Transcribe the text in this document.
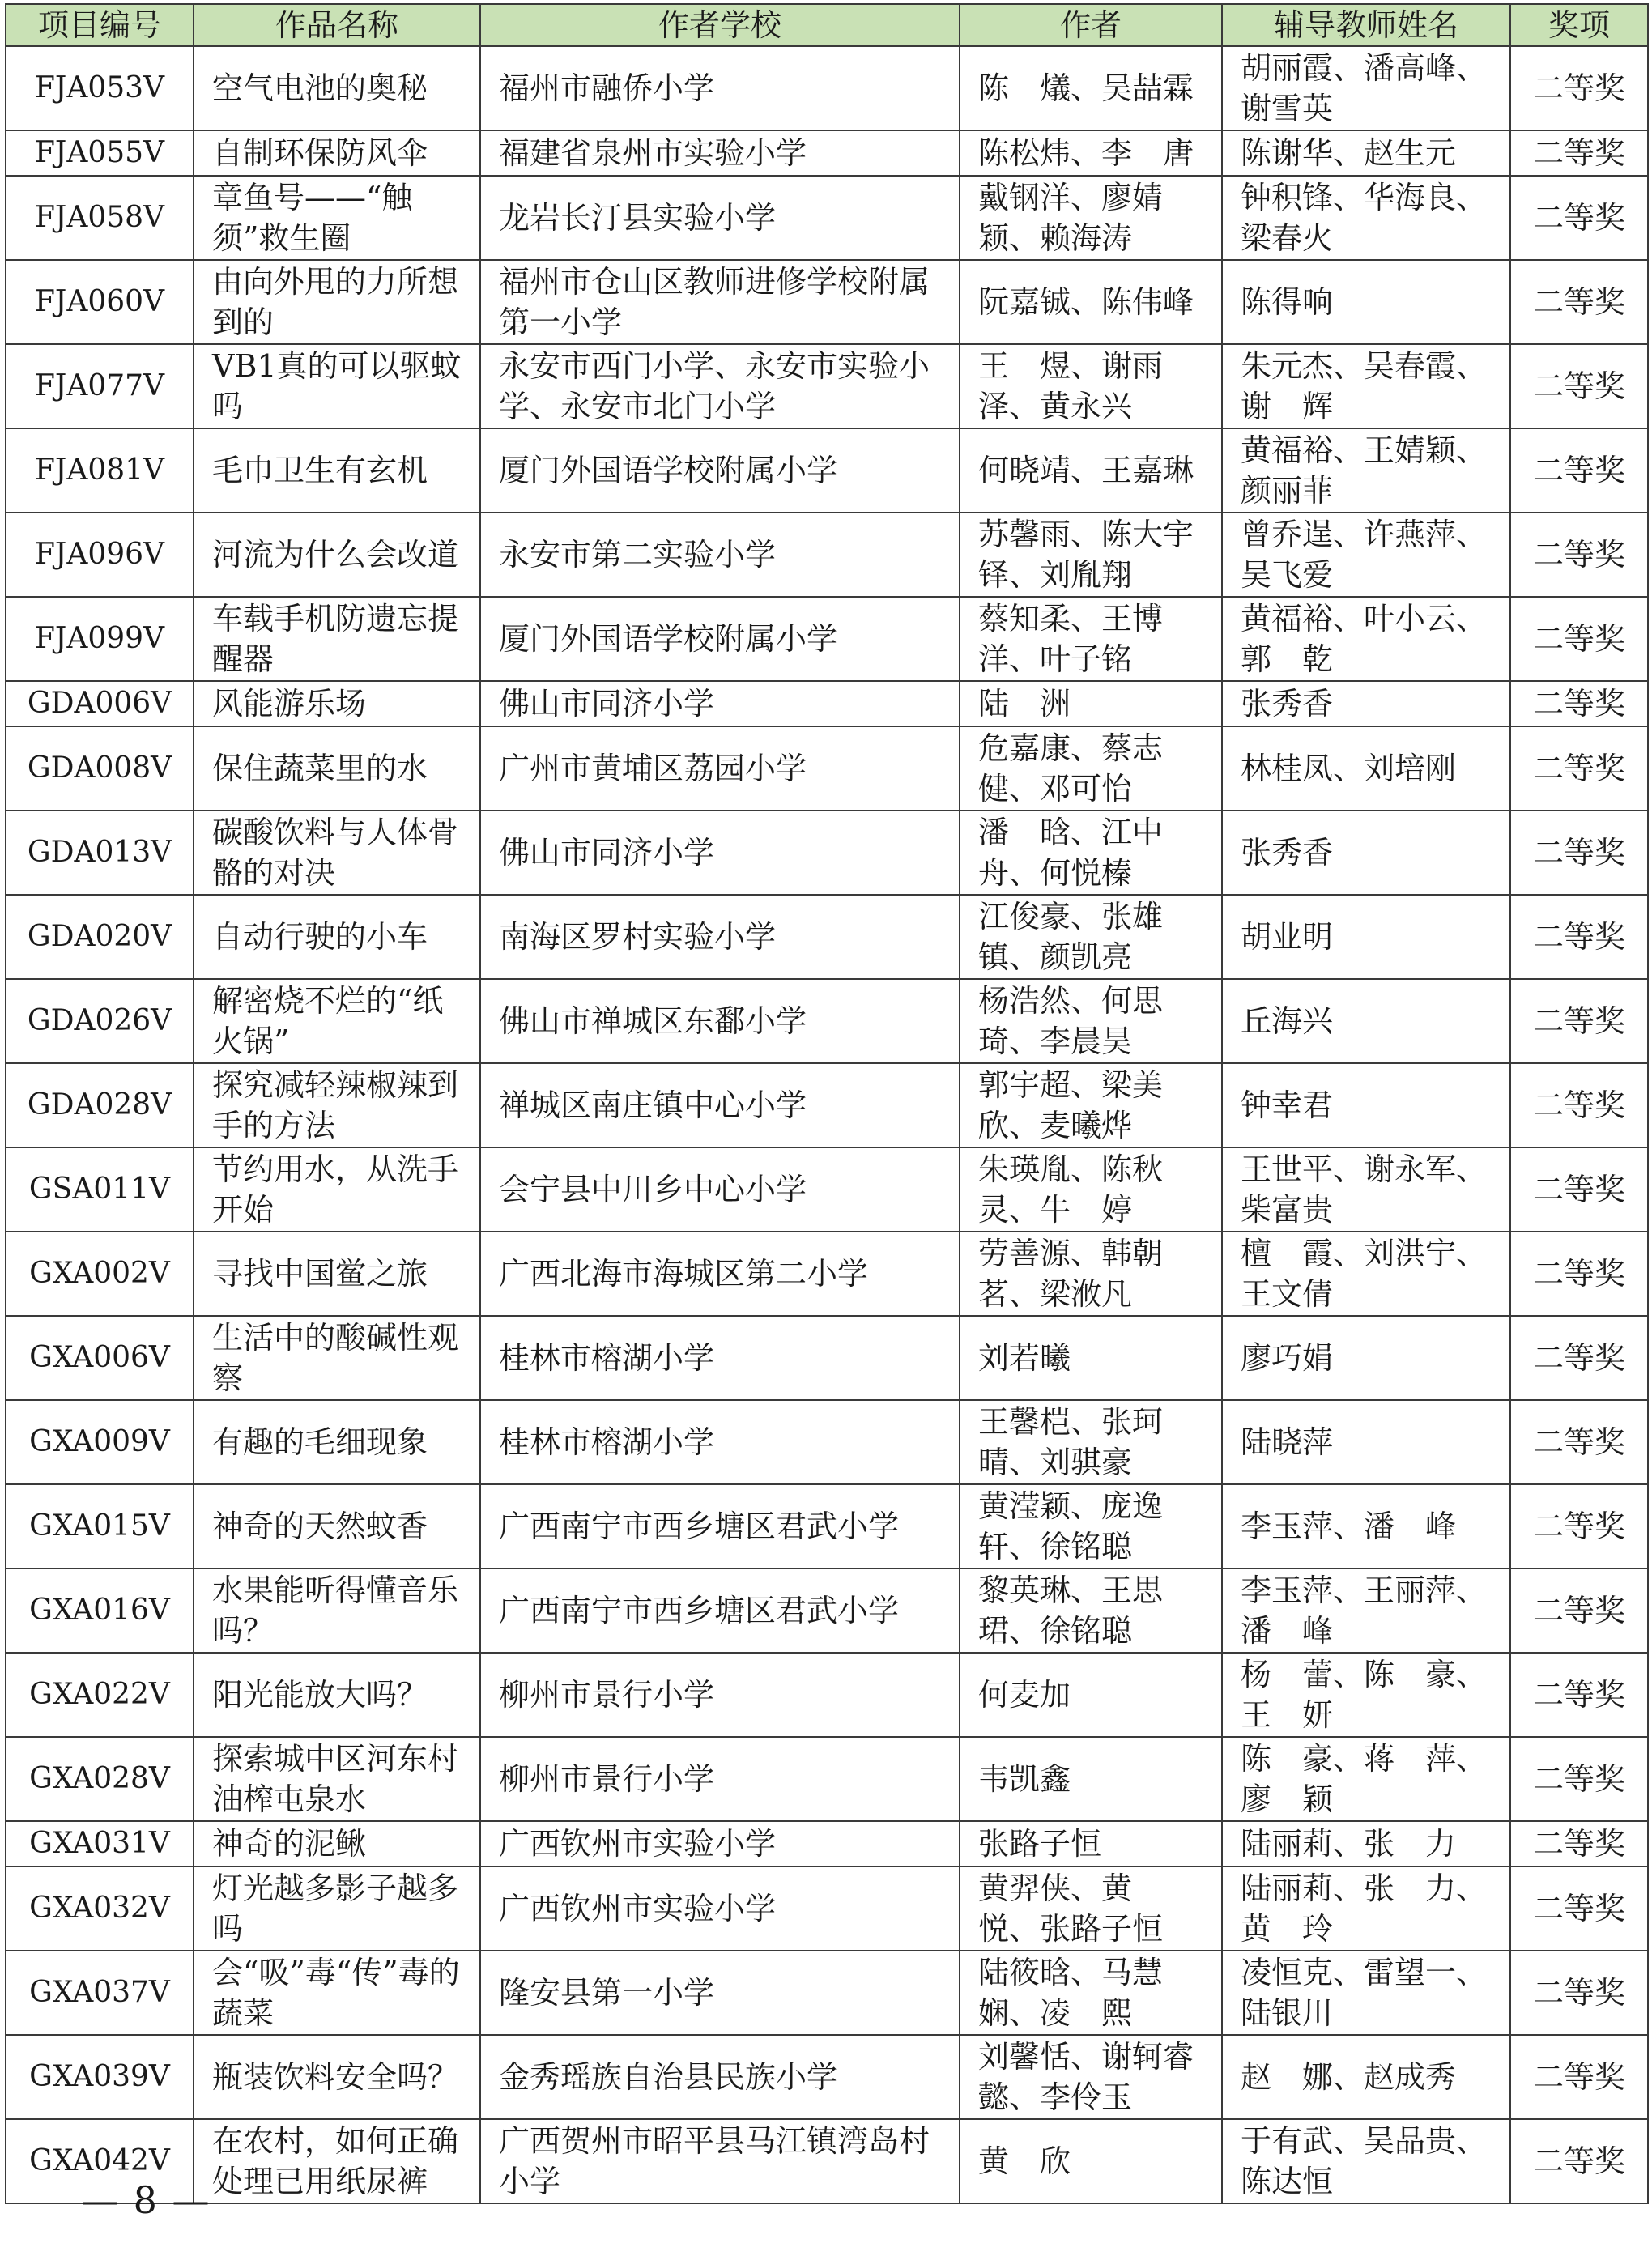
项目编号	作品名称	作者学校	作者	辅导教师姓名	奖项
FJA053V	空气电池的奥秘	福州市融侨小学	陈　燨、吴喆霖	胡丽霞、潘高峰、谢雪英	二等奖
FJA055V	自制环保防风伞	福建省泉州市实验小学	陈松炜、李　唐	陈谢华、赵生元	二等奖
FJA058V	章鱼号——“触须”救生圈	龙岩长汀县实验小学	戴钢洋、廖婧颖、赖海涛	钟积锋、华海良、梁春火	二等奖
FJA060V	由向外甩的力所想到的	福州市仓山区教师进修学校附属第一小学	阮嘉铖、陈伟峰	陈得响	二等奖
FJA077V	VB1真的可以驱蚊吗	永安市西门小学、永安市实验小学、永安市北门小学	王　煜、谢雨泽、黄永兴	朱元杰、吴春霞、谢　辉	二等奖
FJA081V	毛巾卫生有玄机	厦门外国语学校附属小学	何晓靖、王嘉琳	黄福裕、王婧颖、颜丽菲	二等奖
FJA096V	河流为什么会改道	永安市第二实验小学	苏馨雨、陈大宇铎、刘胤翔	曾乔逞、许燕萍、吴飞爱	二等奖
FJA099V	车载手机防遗忘提醒器	厦门外国语学校附属小学	蔡知柔、王博洋、叶子铭	黄福裕、叶小云、郭　乾	二等奖
GDA006V	风能游乐场	佛山市同济小学	陆　洲	张秀香	二等奖
GDA008V	保住蔬菜里的水	广州市黄埔区荔园小学	危嘉康、蔡志健、邓可怡	林桂凤、刘培刚	二等奖
GDA013V	碳酸饮料与人体骨骼的对决	佛山市同济小学	潘　晗、江中舟、何悦榛	张秀香	二等奖
GDA020V	自动行驶的小车	南海区罗村实验小学	江俊豪、张雄镇、颜凯亮	胡业明	二等奖
GDA026V	解密烧不烂的“纸火锅”	佛山市禅城区东鄱小学	杨浩然、何思琦、李晨昊	丘海兴	二等奖
GDA028V	探究减轻辣椒辣到手的方法	禅城区南庄镇中心小学	郭宇超、梁美欣、麦曦烨	钟幸君	二等奖
GSA011V	节约用水，从洗手开始	会宁县中川乡中心小学	朱瑛胤、陈秋灵、牛　婷	王世平、谢永军、柴富贵	二等奖
GXA002V	寻找中国鲎之旅	广西北海市海城区第二小学	劳善源、韩朝茗、梁浟凡	檀　霞、刘洪宁、王文倩	二等奖
GXA006V	生活中的酸碱性观察	桂林市榕湖小学	刘若曦	廖巧娟	二等奖
GXA009V	有趣的毛细现象	桂林市榕湖小学	王馨桤、张珂晴、刘骐豪	陆晓萍	二等奖
GXA015V	神奇的天然蚊香	广西南宁市西乡塘区君武小学	黄滢颖、庞逸轩、徐铭聪	李玉萍、潘　峰	二等奖
GXA016V	水果能听得懂音乐吗？	广西南宁市西乡塘区君武小学	黎英琳、王思珺、徐铭聪	李玉萍、王丽萍、潘　峰	二等奖
GXA022V	阳光能放大吗？	柳州市景行小学	何麦加	杨　蕾、陈　豪、王　妍	二等奖
GXA028V	探索城中区河东村油榨屯泉水	柳州市景行小学	韦凯鑫	陈　豪、蒋　萍、廖　颖	二等奖
GXA031V	神奇的泥鳅	广西钦州市实验小学	张路子恒	陆丽莉、张　力	二等奖
GXA032V	灯光越多影子越多吗	广西钦州市实验小学	黄羿侠、黄　悦、张路子恒	陆丽莉、张　力、黄　玲	二等奖
GXA037V	会“吸”毒“传”毒的蔬菜	隆安县第一小学	陆筱晗、马慧娴、凌　熙	凌恒克、雷望一、陆银川	二等奖
GXA039V	瓶装饮料安全吗？	金秀瑶族自治县民族小学	刘馨恬、谢轲睿懿、李伶玉	赵　娜、赵成秀	二等奖
GXA042V	在农村，如何正确处理已用纸尿裤	广西贺州市昭平县马江镇湾岛村小学	黄　欣	于有武、吴品贵、陈达恒	二等奖
— 8 —
